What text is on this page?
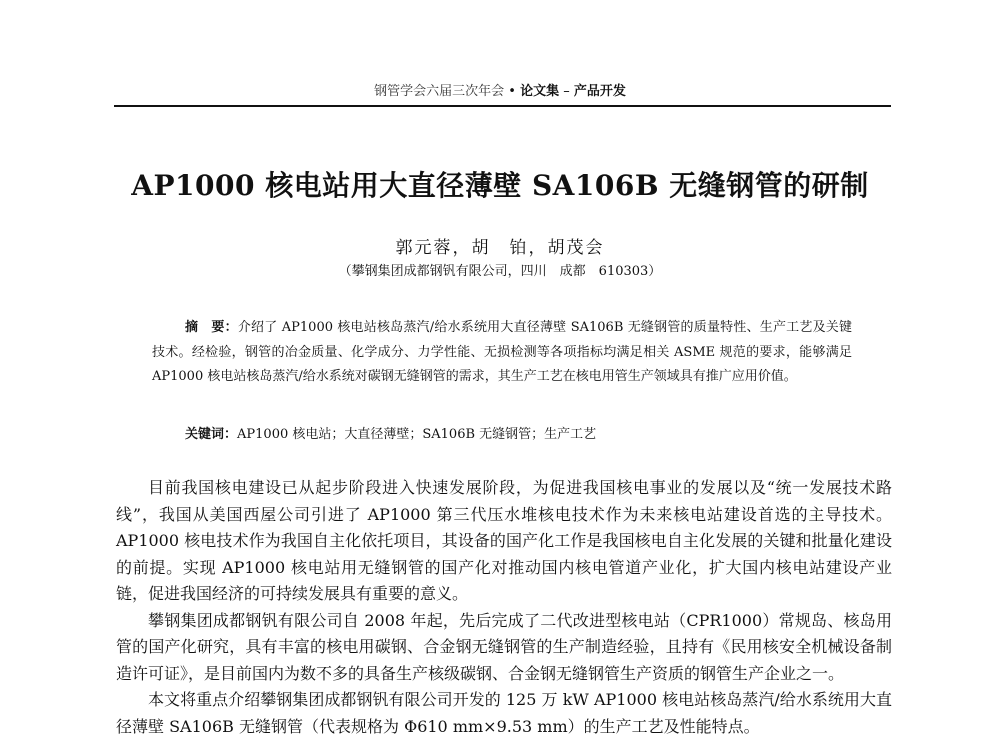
钢管学会六届三次年会 • 论文集 – 产品开发
AP1000 核电站用大直径薄壁 SA106B 无缝钢管的研制
郭元蓉，胡　铂，胡茂会
（攀钢集团成都钢钒有限公司，四川　成都　610303）
摘　要：介绍了 AP1000 核电站核岛蒸汽/给水系统用大直径薄壁 SA106B 无缝钢管的质量特性、生产工艺及关键技术。经检验，钢管的冶金质量、化学成分、力学性能、无损检测等各项指标均满足相关 ASME 规范的要求，能够满足 AP1000 核电站核岛蒸汽/给水系统对碳钢无缝钢管的需求，其生产工艺在核电用管生产领域具有推广应用价值。
关键词：AP1000 核电站；大直径薄壁；SA106B 无缝钢管；生产工艺

目前我国核电建设已从起步阶段进入快速发展阶段，为促进我国核电事业的发展以及“统一发展技术路线”，我国从美国西屋公司引进了 AP1000 第三代压水堆核电技术作为未来核电站建设首选的主导技术。AP1000 核电技术作为我国自主化依托项目，其设备的国产化工作是我国核电自主化发展的关键和批量化建设的前提。实现 AP1000 核电站用无缝钢管的国产化对推动国内核电管道产业化，扩大国内核电站建设产业链，促进我国经济的可持续发展具有重要的意义。

攀钢集团成都钢钒有限公司自 2008 年起，先后完成了二代改进型核电站（CPR1000）常规岛、核岛用管的国产化研究，具有丰富的核电用碳钢、合金钢无缝钢管的生产制造经验，且持有《民用核安全机械设备制造许可证》，是目前国内为数不多的具备生产核级碳钢、合金钢无缝钢管生产资质的钢管生产企业之一。

本文将重点介绍攀钢集团成都钢钒有限公司开发的 125 万 kW AP1000 核电站核岛蒸汽/给水系统用大直径薄壁 SA106B 无缝钢管（代表规格为 Φ610 mm×9.53 mm）的生产工艺及性能特点。
